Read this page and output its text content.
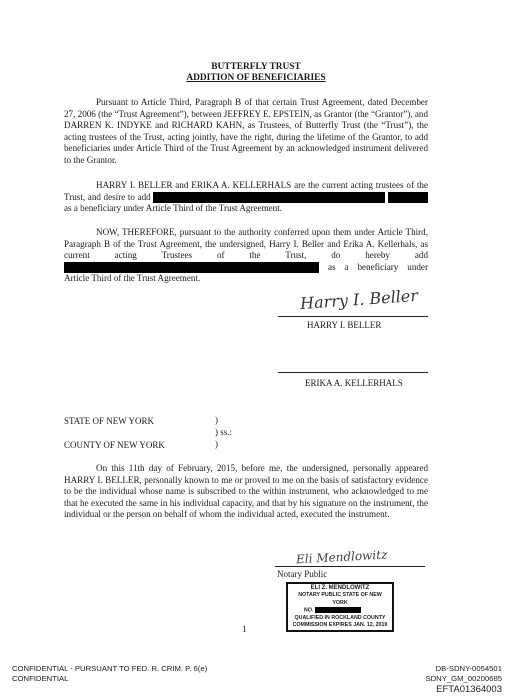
BUTTERFLY TRUST
ADDITION OF BENEFICIARIES
Pursuant to Article Third, Paragraph B of that certain Trust Agreement, dated December 27, 2006 (the “Trust Agreement”), between JEFFREY E. EPSTEIN, as Grantor (the “Grantor”), and DARREN K. INDYKE and RICHARD KAHN, as Trustees, of Butterfly Trust (the “Trust”), the acting trustees of the Trust, acting jointly, have the right, during the lifetime of the Grantor, to add beneficiaries under Article Third of the Trust Agreement by an acknowledged instrument delivered to the Grantor.
HARRY I. BELLER and ERIKA A. KELLERHALS are the current acting trustees of the Trust, and desire to add   as a beneficiary under Article Third of the Trust Agreement.
NOW, THEREFORE, pursuant to the authority conferred upon them under Article Third, Paragraph B of the Trust Agreement, the undersigned, Harry I. Beller and Erika A. Kellerhals, as current acting Trustees of the Trust, do hereby add  as a beneficiary under Article Third of the Trust Agreement.
Harry I. Beller
HARRY I. BELLER
ERIKA A. KELLERHALS
STATE OF NEW YORK	)
) ss.:
COUNTY OF NEW YORK	)
On this 11th day of February, 2015, before me, the undersigned, personally appeared HARRY I. BELLER, personally known to me or proved to me on the basis of satisfactory evidence to be the individual whose name is subscribed to the within instrument, who acknowledged to me that he executed the same in his individual capacity, and that by his signature on the instrument, the individual or the person on behalf of whom the individual acted, executed the instrument.
Eli Mendlowitz
Notary Public
ELI Z. MENDLOWITZ
NOTARY PUBLIC STATE OF NEW YORK
NO.
QUALIFIED IN ROCKLAND COUNTY
COMMISSION EXPIRES JAN. 12, 2019
1
CONFIDENTIAL - PURSUANT TO FED. R. CRIM. P. 6(e)
CONFIDENTIAL
DB-SDNY-0054501
SDNY_GM_00200685
EFTA01364003
